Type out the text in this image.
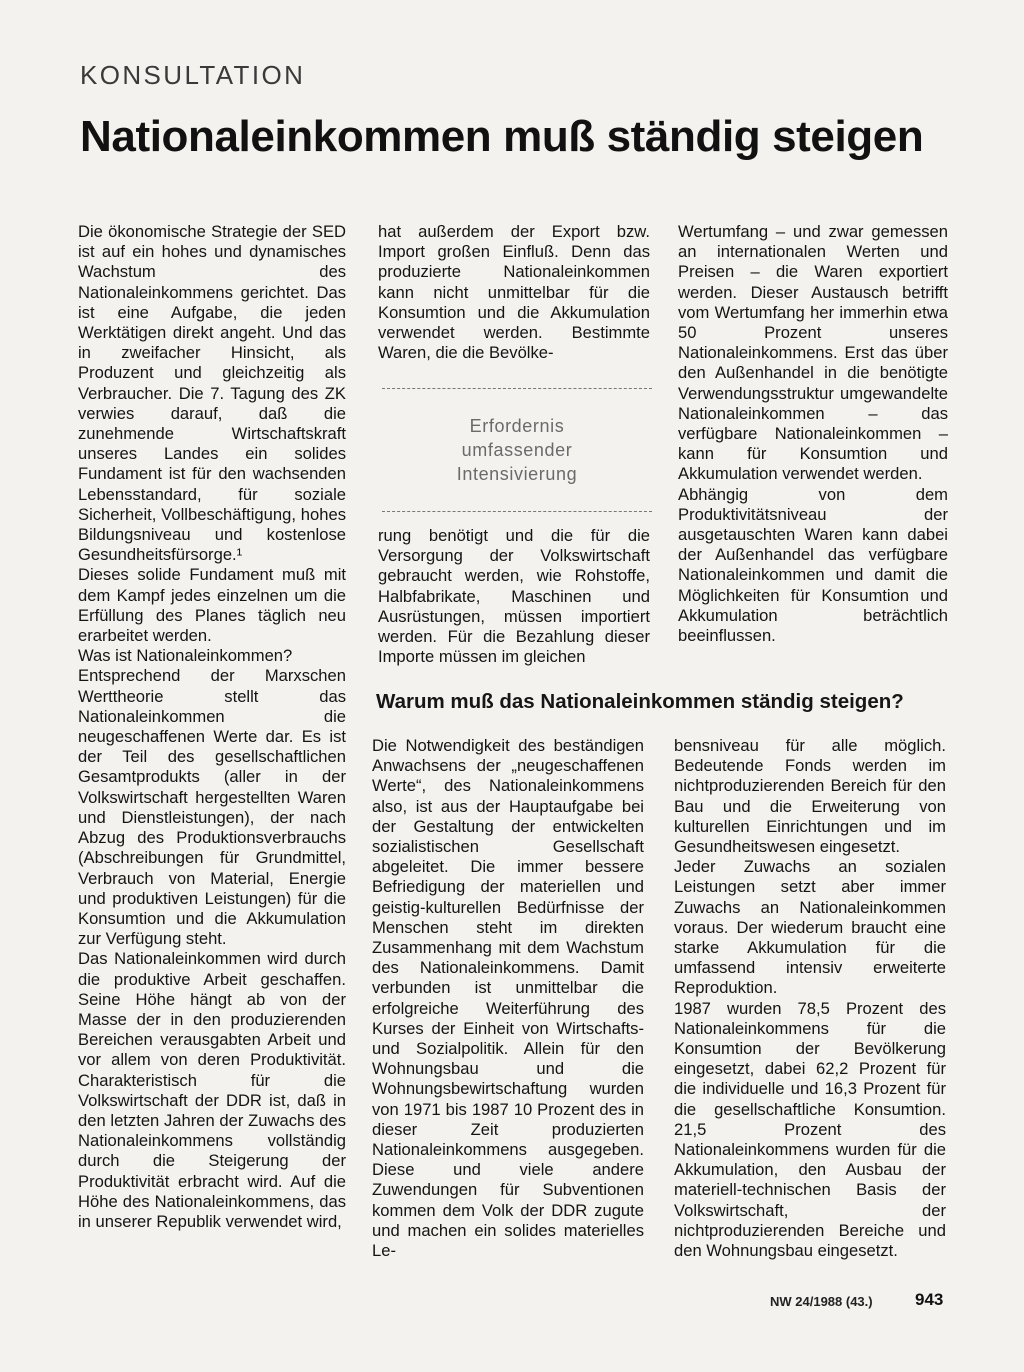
KONSULTATION
Nationaleinkommen muß ständig steigen

Die ökonomische Strategie der SED ist auf ein hohes und dynamisches Wachstum des Nationaleinkommens gerichtet. Das ist eine Aufgabe, die jeden Werktätigen direkt angeht. Und das in zweifacher Hinsicht, als Produzent und gleichzeitig als Verbraucher. Die 7. Tagung des ZK verwies darauf, daß die zunehmende Wirtschaftskraft unseres Landes ein solides Fundament ist für den wachsenden Lebensstandard, für soziale Sicherheit, Vollbeschäftigung, hohes Bildungsniveau und kostenlose Gesundheitsfürsorge.¹

Dieses solide Fundament muß mit dem Kampf jedes einzelnen um die Erfüllung des Planes täglich neu erarbeitet werden.

Was ist Nationaleinkommen?

Entsprechend der Marxschen Werttheorie stellt das Nationaleinkommen die neugeschaffenen Werte dar. Es ist der Teil des gesellschaftlichen Gesamtprodukts (aller in der Volkswirtschaft hergestellten Waren und Dienstleistungen), der nach Abzug des Produktionsverbrauchs (Abschreibungen für Grundmittel, Verbrauch von Material, Energie und produktiven Leistungen) für die Konsumtion und die Akkumulation zur Verfügung steht.

Das Nationaleinkommen wird durch die produktive Arbeit geschaffen. Seine Höhe hängt ab von der Masse der in den produzierenden Bereichen verausgabten Arbeit und vor allem von deren Produktivität. Charakteristisch für die Volkswirtschaft der DDR ist, daß in den letzten Jahren der Zuwachs des Nationaleinkommens vollständig durch die Steigerung der Produktivität erbracht wird. Auf die Höhe des Nationaleinkommens, das in unserer Republik verwendet wird,

hat außerdem der Export bzw. Import großen Einfluß. Denn das produzierte Nationaleinkommen kann nicht unmittelbar für die Konsumtion und die Akkumulation verwendet werden. Bestimmte Waren, die die Bevölke-

Erfordernis
umfassender
Intensivierung

rung benötigt und die für die Versorgung der Volkswirtschaft gebraucht werden, wie Rohstoffe, Halbfabrikate, Maschinen und Ausrüstungen, müssen importiert werden. Für die Bezahlung dieser Importe müssen im gleichen

Wertumfang – und zwar gemessen an internationalen Werten und Preisen – die Waren exportiert werden. Dieser Austausch betrifft vom Wertumfang her immerhin etwa 50 Prozent unseres Nationaleinkommens. Erst das über den Außenhandel in die benötigte Verwendungsstruktur umgewandelte Nationaleinkommen – das verfügbare Nationaleinkommen – kann für Konsumtion und Akkumulation verwendet werden.

Abhängig von dem Produktivitätsniveau der ausgetauschten Waren kann dabei der Außenhandel das verfügbare Nationaleinkommen und damit die Möglichkeiten für Konsumtion und Akkumulation beträchtlich beeinflussen.

Warum muß das Nationaleinkommen ständig steigen?

Die Notwendigkeit des beständigen Anwachsens der „neugeschaffenen Werte“, des Nationaleinkommens also, ist aus der Hauptaufgabe bei der Gestaltung der entwickelten sozialistischen Gesellschaft abgeleitet. Die immer bessere Befriedigung der materiellen und geistig-kulturellen Bedürfnisse der Menschen steht im direkten Zusammenhang mit dem Wachstum des Nationaleinkommens. Damit verbunden ist unmittelbar die erfolgreiche Weiterführung des Kurses der Einheit von Wirtschafts- und Sozialpolitik. Allein für den Wohnungsbau und die Wohnungsbewirtschaftung wurden von 1971 bis 1987 10 Prozent des in dieser Zeit produzierten Nationaleinkommens ausgegeben. Diese und viele andere Zuwendungen für Subventionen kommen dem Volk der DDR zugute und machen ein solides materielles Le-

bensniveau für alle möglich. Bedeutende Fonds werden im nichtproduzierenden Bereich für den Bau und die Erweiterung von kulturellen Einrichtungen und im Gesundheitswesen eingesetzt.

Jeder Zuwachs an sozialen Leistungen setzt aber immer Zuwachs an Nationaleinkommen voraus. Der wiederum braucht eine starke Akkumulation für die umfassend intensiv erweiterte Reproduktion.

1987 wurden 78,5 Prozent des Nationaleinkommens für die Konsumtion der Bevölkerung eingesetzt, dabei 62,2 Prozent für die individuelle und 16,3 Prozent für die gesellschaftliche Konsumtion. 21,5 Prozent des Nationaleinkommens wurden für die Akkumulation, den Ausbau der materiell-technischen Basis der Volkswirtschaft, der nichtproduzierenden Bereiche und den Wohnungsbau eingesetzt.

NW 24/1988 (43.) 943
